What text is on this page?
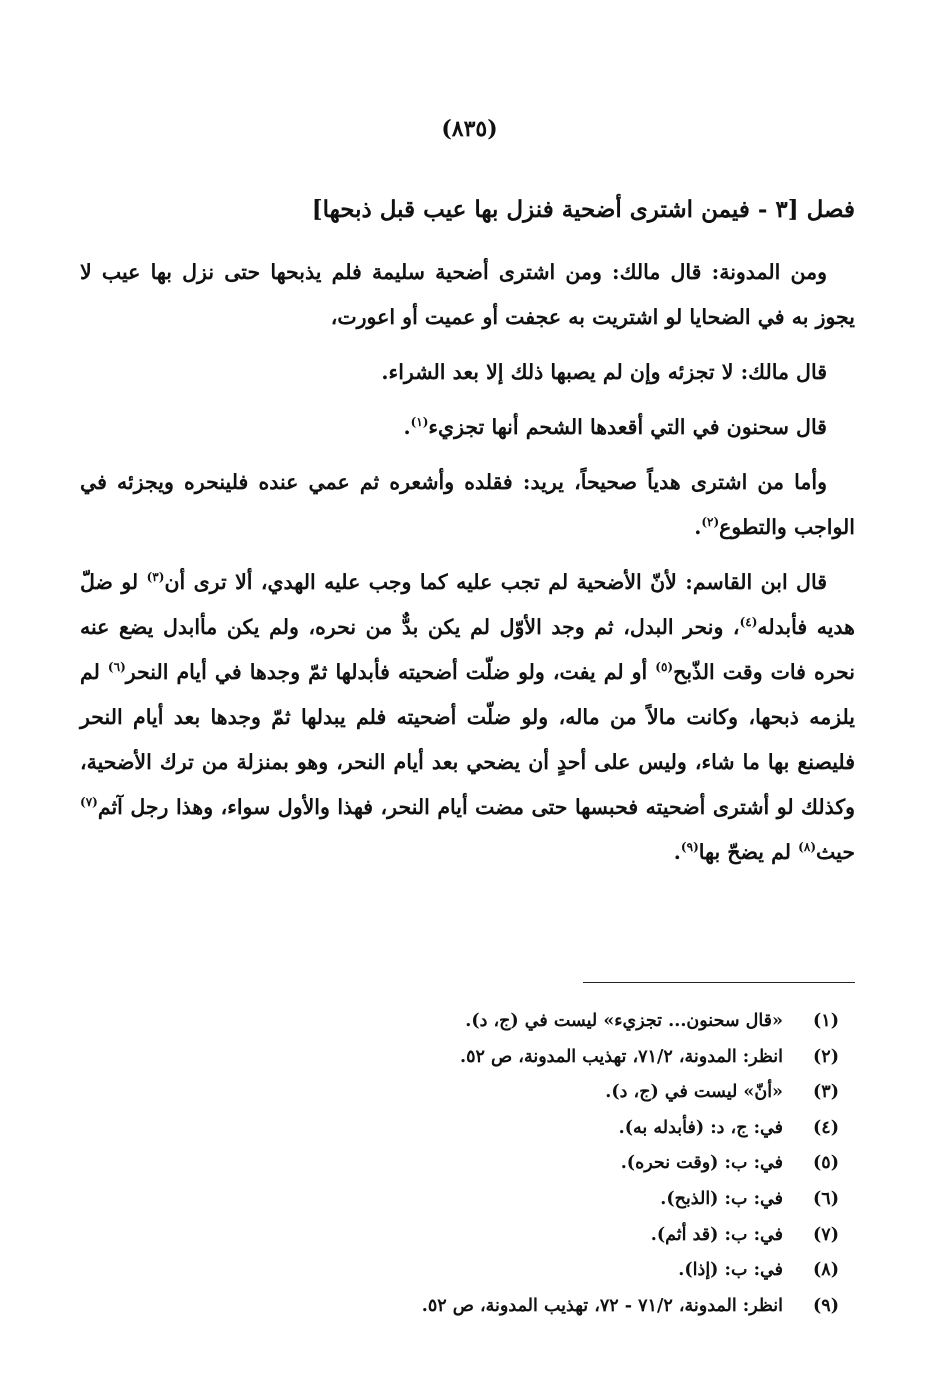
(٨٣٥)
فصل [٣ - فيمن اشترى أضحية فنزل بها عيب قبل ذبحها]

ومن المدونة: قال مالك: ومن اشترى أضحية سليمة فلم يذبحها حتى نزل بها عيب لا يجوز به في الضحايا لو اشتريت به عجفت أو عميت أو اعورت،

قال مالك: لا تجزئه وإن لم يصبها ذلك إلا بعد الشراء.

قال سحنون في التي أقعدها الشحم أنها تجزيء$^{(١)}$.

وأما من اشترى هدياً صحيحاً، يريد: فقلده وأشعره ثم عمي عنده فلينحره ويجزئه في الواجب والتطوع$^{(٢)}$.

قال ابن القاسم: لأنّ الأضحية لم تجب عليه كما وجب عليه الهدي، ألا ترى أن$^{(٣)}$ لو ضلّ هديه فأبدله$^{(٤)}$، ونحر البدل، ثم وجد الأوّل لم يكن بدٌّ من نحره، ولم يكن مأابدل يضع عنه نحره فات وقت الذّبح$^{(٥)}$ أو لم يفت، ولو ضلّت أضحيته فأبدلها ثمّ وجدها في أيام النحر$^{(٦)}$ لم يلزمه ذبحها، وكانت مالاً من ماله، ولو ضلّت أضحيته فلم يبدلها ثمّ وجدها بعد أيام النحر فليصنع بها ما شاء، وليس على أحدٍ أن يضحي بعد أيام النحر، وهو بمنزلة من ترك الأضحية، وكذلك لو أشترى أضحيته فحبسها حتى مضت أيام النحر، فهذا والأول سواء، وهذا رجل آثم$^{(٧)}$ حيث$^{(٨)}$ لم يضحّ بها$^{(٩)}$.

(١)
«قال سحنون... تجزيء» ليست في (ج، د).
(٢)
انظر: المدونة، ٧١/٢، تهذيب المدونة، ص ٥٢.
(٣)
«أنّ» ليست في (ج، د).
(٤)
في: ج، د: (فأبدله به).
(٥)
في: ب: (وقت نحره).
(٦)
في: ب: (الذبح).
(٧)
في: ب: (قد أثم).
(٨)
في: ب: (إذا).
(٩)
انظر: المدونة، ٧١/٢ - ٧٢، تهذيب المدونة، ص ٥٢.
